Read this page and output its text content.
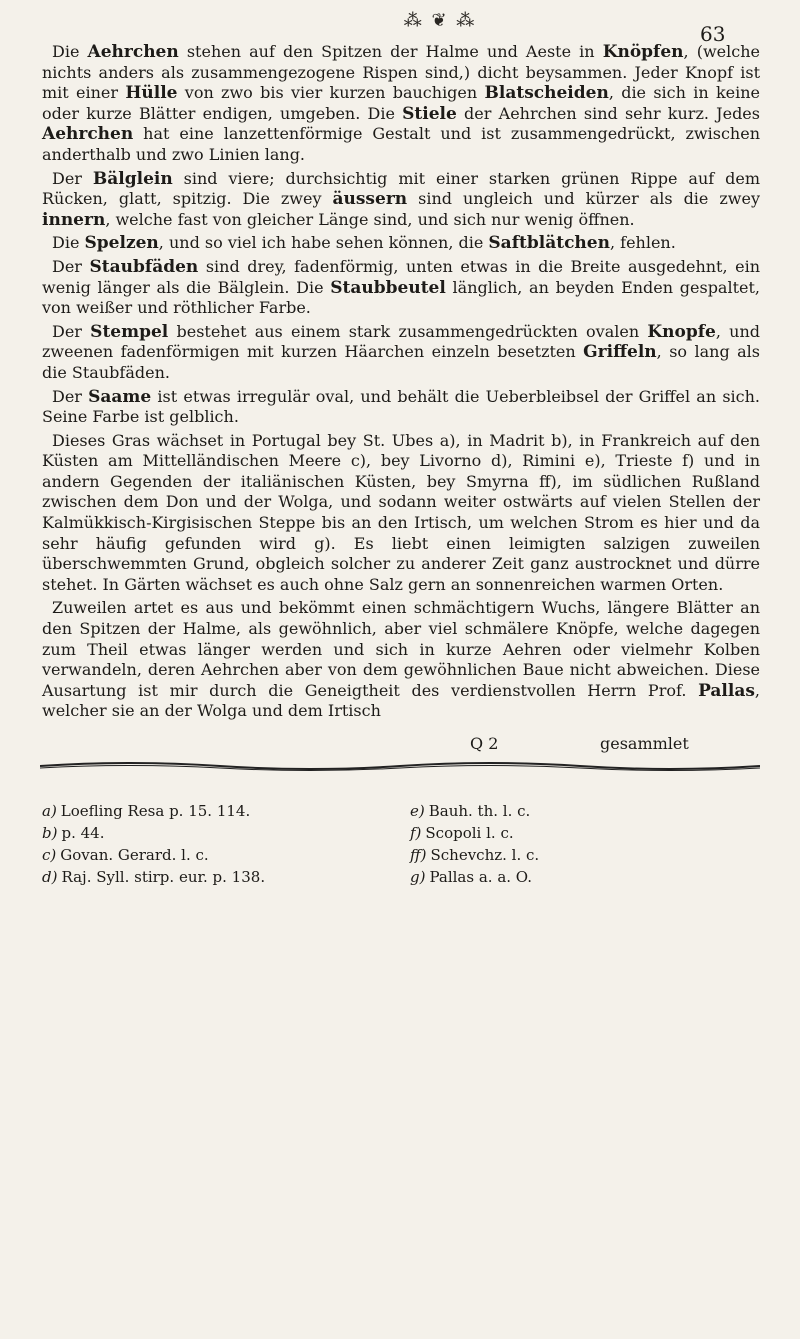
⁂ ❦ ⁂
63

Die Aehrchen stehen auf den Spitzen der Halme und Aeste in Knöpfen, (welche nichts anders als zusammengezogene Rispen sind,) dicht beysammen. Jeder Knopf ist mit einer Hülle von zwo bis vier kurzen bauchigen Blatscheiden, die sich in keine oder kurze Blätter endigen, umgeben. Die Stiele der Aehrchen sind sehr kurz. Jedes Aehrchen hat eine lanzettenförmige Gestalt und ist zusammengedrückt, zwischen anderthalb und zwo Linien lang.

Der Bälglein sind viere; durchsichtig mit einer starken grünen Rippe auf dem Rücken, glatt, spitzig. Die zwey äussern sind ungleich und kürzer als die zwey innern, welche fast von gleicher Länge sind, und sich nur wenig öffnen.

Die Spelzen, und so viel ich habe sehen können, die Saftblätchen, fehlen.

Der Staubfäden sind drey, fadenförmig, unten etwas in die Breite ausgedehnt, ein wenig länger als die Bälglein. Die Staubbeutel länglich, an beyden Enden gespaltet, von weißer und röthlicher Farbe.

Der Stempel bestehet aus einem stark zusammengedrückten ovalen Knopfe, und zweenen fadenförmigen mit kurzen Häarchen einzeln besetzten Griffeln, so lang als die Staubfäden.

Der Saame ist etwas irregulär oval, und behält die Ueberbleibsel der Griffel an sich. Seine Farbe ist gelblich.

Dieses Gras wächset in Portugal bey St. Ubes a), in Madrit b), in Frankreich auf den Küsten am Mittelländischen Meere c), bey Livorno d), Rimini e), Trieste f) und in andern Gegenden der italiänischen Küsten, bey Smyrna ff), im südlichen Rußland zwischen dem Don und der Wolga, und sodann weiter ostwärts auf vielen Stellen der Kalmükkisch-Kirgisischen Steppe bis an den Irtisch, um welchen Strom es hier und da sehr häufig gefunden wird g). Es liebt einen leimigten salzigen zuweilen überschwemmten Grund, obgleich solcher zu anderer Zeit ganz austrocknet und dürre stehet. In Gärten wächset es auch ohne Salz gern an sonnenreichen warmen Orten.

Zuweilen artet es aus und bekömmt einen schmächtigern Wuchs, längere Blätter an den Spitzen der Halme, als gewöhnlich, aber viel schmälere Knöpfe, welche dagegen zum Theil etwas länger werden und sich in kurze Aehren oder vielmehr Kolben verwandeln, deren Aehrchen aber von dem gewöhnlichen Baue nicht abweichen. Diese Ausartung ist mir durch die Geneigtheit des verdienstvollen Herrn Prof. Pallas, welcher sie an der Wolga und dem Irtisch

Q 2	gesammlet
a) Loefling Resa p. 15. 114.
b) p. 44.
c) Govan. Gerard. l. c.
d) Raj. Syll. stirp. eur. p. 138.
e) Bauh. th. l. c.
f) Scopoli l. c.
ff) Schevchz. l. c.
g) Pallas a. a. O.
